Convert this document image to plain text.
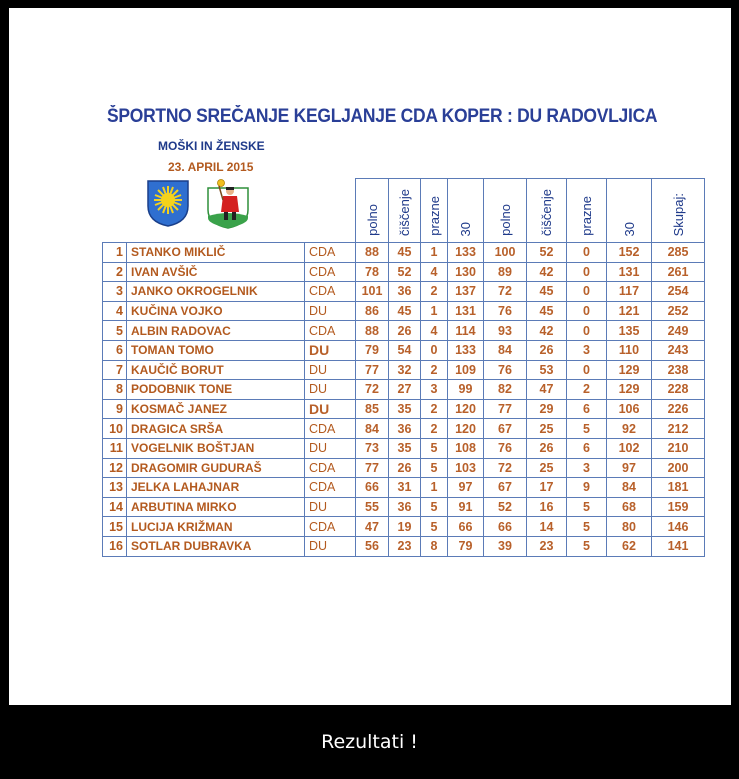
ŠPORTNO SREČANJE KEGLJANJE CDA KOPER : DU RADOVLJICA
MOŠKI IN ŽENSKE
23. APRIL 2015
			polno	čiščenje	prazne	30	polno	čiščenje	prazne	30	Skupaj:
1	STANKO MIKLIČ	CDA	88	45	1	133	100	52	0	152	285
2	IVAN AVŠIČ	CDA	78	52	4	130	89	42	0	131	261
3	JANKO OKROGELNIK	CDA	101	36	2	137	72	45	0	117	254
4	KUČINA VOJKO	DU	86	45	1	131	76	45	0	121	252
5	ALBIN RADOVAC	CDA	88	26	4	114	93	42	0	135	249
6	TOMAN TOMO	DU	79	54	0	133	84	26	3	110	243
7	KAUČIČ BORUT	DU	77	32	2	109	76	53	0	129	238
8	PODOBNIK TONE	DU	72	27	3	99	82	47	2	129	228
9	KOSMAČ JANEZ	DU	85	35	2	120	77	29	6	106	226
10	DRAGICA SRŠA	CDA	84	36	2	120	67	25	5	92	212
11	VOGELNIK BOŠTJAN	DU	73	35	5	108	76	26	6	102	210
12	DRAGOMIR GUDURAŠ	CDA	77	26	5	103	72	25	3	97	200
13	JELKA LAHAJNAR	CDA	66	31	1	97	67	17	9	84	181
14	ARBUTINA MIRKO	DU	55	36	5	91	52	16	5	68	159
15	LUCIJA KRIŽMAN	CDA	47	19	5	66	66	14	5	80	146
16	SOTLAR DUBRAVKA	DU	56	23	8	79	39	23	5	62	141
Rezultati !
